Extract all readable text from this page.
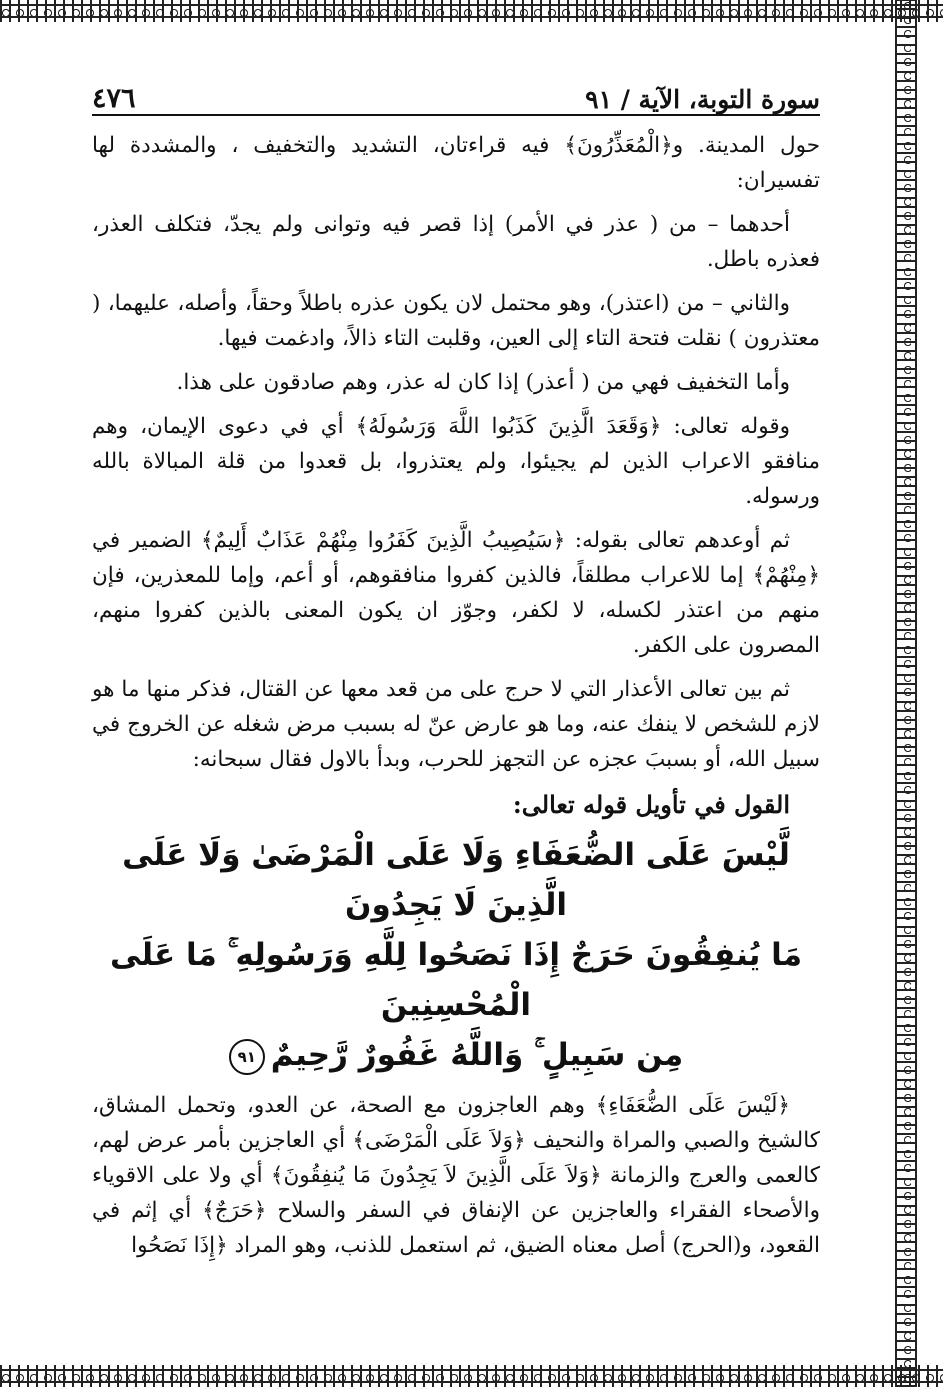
سورة التوبة، الآية / ٩١
٤٧٦

حول المدينة. و﴿الْمُعَذِّرُونَ﴾ فيه قراءتان، التشديد والتخفيف ، والمشددة لها تفسيران:

أحدهما – من ( عذر في الأمر) إذا قصر فيه وتوانى ولم يجدّ، فتكلف العذر، فعذره باطل.

والثاني – من (اعتذر)، وهو محتمل لان يكون عذره باطلاً وحقاً، وأصله، عليهما، ( معتذرون ) نقلت فتحة التاء إلى العين، وقلبت التاء ذالاً، وادغمت فيها.

وأما التخفيف فهي من ( أعذر) إذا كان له عذر، وهم صادقون على هذا.

وقوله تعالى: ﴿وَقَعَدَ الَّذِينَ كَذَبُوا اللَّهَ وَرَسُولَهُ﴾ أي في دعوى الإيمان، وهم منافقو الاعراب الذين لم يجيئوا، ولم يعتذروا، بل قعدوا من قلة المبالاة بالله ورسوله.

ثم أوعدهم تعالى بقوله: ﴿سَيُصِيبُ الَّذِينَ كَفَرُوا مِنْهُمْ عَذَابٌ أَلِيمٌ﴾ الضمير في ﴿مِنْهُمْ﴾ إما للاعراب مطلقاً، فالذين كفروا منافقوهم، أو أعم، وإما للمعذرين، فإن منهم من اعتذر لكسله، لا لكفر، وجوّز ان يكون المعنى بالذين كفروا منهم، المصرون على الكفر.

ثم بين تعالى الأعذار التي لا حرج على من قعد معها عن القتال، فذكر منها ما هو لازم للشخص لا ينفك عنه، وما هو عارض عنّ له بسبب مرض شغله عن الخروج في سبيل الله، أو بسببَ عجزه عن التجهز للحرب، وبدأ بالاول فقال سبحانه:

القول في تأويل قوله تعالى:
لَّيْسَ عَلَى الضُّعَفَاءِ وَلَا عَلَى الْمَرْضَىٰ وَلَا عَلَى الَّذِينَ لَا يَجِدُونَ
مَا يُنفِقُونَ حَرَجٌ إِذَا نَصَحُوا لِلَّهِ وَرَسُولِهِ ۚ مَا عَلَى الْمُحْسِنِينَ
مِن سَبِيلٍ ۚ وَاللَّهُ غَفُورٌ رَّحِيمٌ٩١

﴿لَيْسَ عَلَى الضُّعَفَاءِ﴾ وهم العاجزون مع الصحة، عن العدو، وتحمل المشاق، كالشيخ والصبي والمراة والنحيف ﴿وَلاَ عَلَى الْمَرْضَى﴾ أي العاجزين بأمر عرض لهم، كالعمى والعرج والزمانة ﴿وَلاَ عَلَى الَّذِينَ لاَ يَجِدُونَ مَا يُنفِقُونَ﴾ أي ولا على الاقوياء والأصحاء الفقراء والعاجزين عن الإنفاق في السفر والسلاح ﴿حَرَجٌ﴾ أي إثم في القعود، و(الحرج) أصل معناه الضيق، ثم استعمل للذنب، وهو المراد ﴿إِذَا نَصَحُوا
